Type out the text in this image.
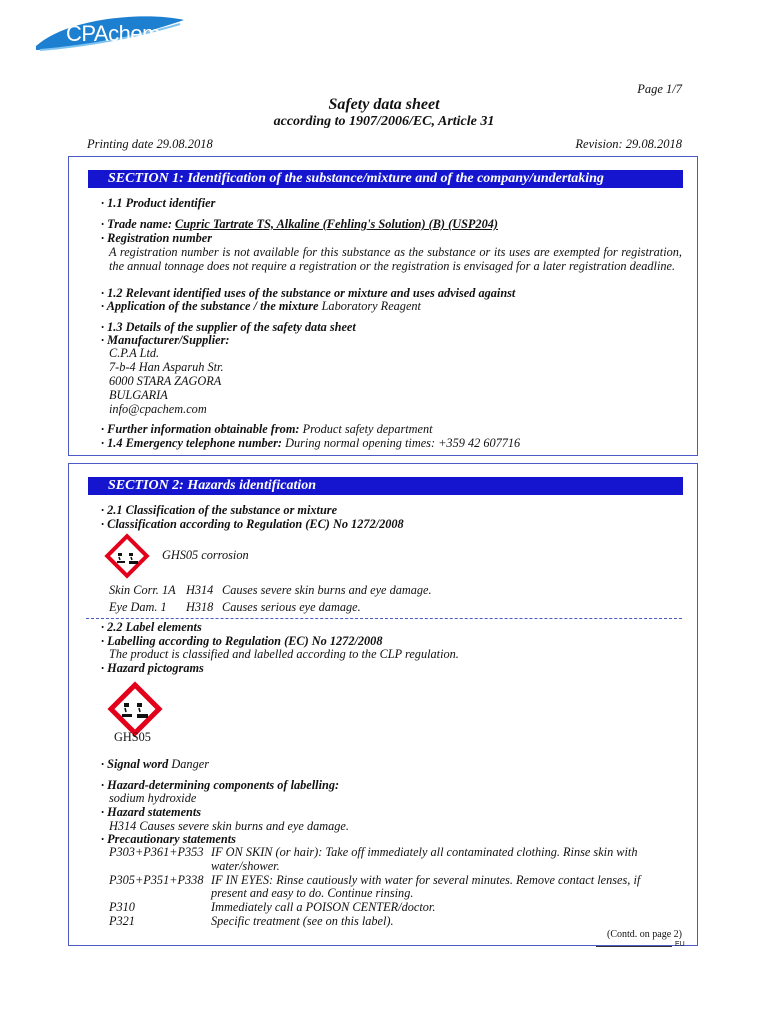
CPAchem
Page 1/7
Safety data sheet
according to 1907/2006/EC, Article 31
Printing date 29.08.2018	Revision: 29.08.2018
SECTION 1: Identification of the substance/mixture and of the company/undertaking
· 1.1 Product identifier
· Trade name: Cupric Tartrate TS, Alkaline (Fehling's Solution) (B) (USP204)
· Registration number
A registration number is not available for this substance as the substance or its uses are exempted for registration, the annual tonnage does not require a registration or the registration is envisaged for a later registration deadline.
· 1.2 Relevant identified uses of the substance or mixture and uses advised against
· Application of the substance / the mixture Laboratory Reagent
· 1.3 Details of the supplier of the safety data sheet
· Manufacturer/Supplier:
C.P.A Ltd.
7-b-4 Han Asparuh Str.
6000 STARA ZAGORA
BULGARIA
info@cpachem.com
· Further information obtainable from: Product safety department
· 1.4 Emergency telephone number: During normal opening times: +359 42 607716
SECTION 2: Hazards identification
· 2.1 Classification of the substance or mixture
· Classification according to Regulation (EC) No 1272/2008
GHS05 corrosion
Skin Corr. 1A H314 Causes severe skin burns and eye damage.
Eye Dam. 1 H318 Causes serious eye damage.
· 2.2 Label elements
· Labelling according to Regulation (EC) No 1272/2008
The product is classified and labelled according to the CLP regulation.
· Hazard pictograms
GHS05
· Signal word Danger
· Hazard-determining components of labelling:
sodium hydroxide
· Hazard statements
H314 Causes severe skin burns and eye damage.
· Precautionary statements
P303+P361+P353 IF ON SKIN (or hair): Take off immediately all contaminated clothing. Rinse skin with
water/shower.
P305+P351+P338 IF IN EYES: Rinse cautiously with water for several minutes. Remove contact lenses, if
present and easy to do. Continue rinsing.
P310	Immediately call a POISON CENTER/doctor.
P321	Specific treatment (see on this label).
(Contd. on page 2)
EU
